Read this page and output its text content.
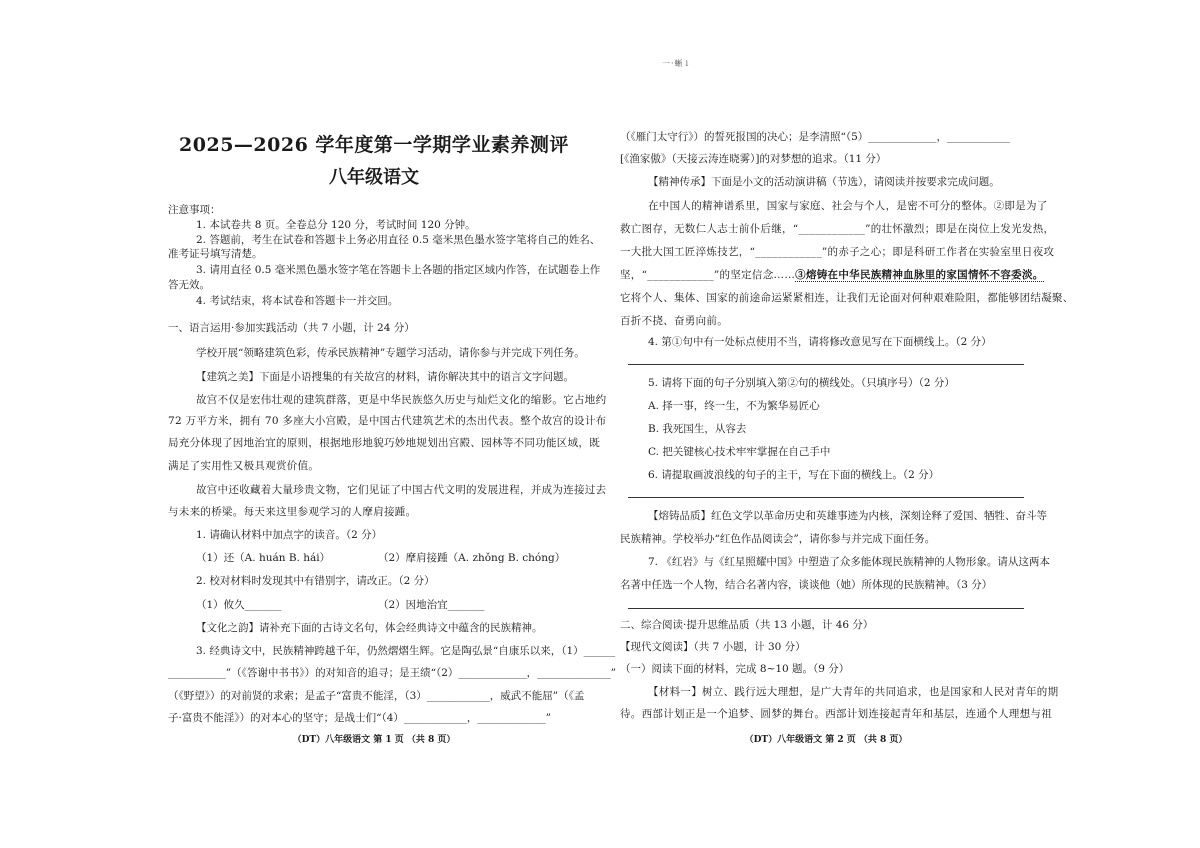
一·蜥↓
2025—2026 学年度第一学期学业素养测评
八年级语文
注意事项：
1. 本试卷共 8 页。全卷总分 120 分，考试时间 120 分钟。
2. 答题前，考生在试卷和答题卡上务必用直径 0.5 毫米黑色墨水签字笔将自己的姓名、
准考证号填写清楚。
3. 请用直径 0.5 毫米黑色墨水签字笔在答题卡上各题的指定区域内作答，在试题卷上作
答无效。
4. 考试结束，将本试卷和答题卡一并交回。
一、语言运用·参加实践活动（共 7 小题，计 24 分）
学校开展“领略建筑色彩，传承民族精神”专题学习活动，请你参与并完成下列任务。
【建筑之美】下面是小语搜集的有关故宫的材料，请你解决其中的语言文字问题。
故宫不仅是宏伟壮观的建筑群落，更是中华民族悠久历史与灿烂文化的缩影。它占地约
72 万平方米，拥有 70 多座大小宫殿，是中国古代建筑艺术的杰出代表。整个故宫的设计布
局充分体现了因地治宜的原则，根据地形地貌巧妙地规划出宫殿、园林等不同功能区域，既
满足了实用性又极具观赏价值。
故宫中还收藏着大量珍贵文物，它们见证了中国古代文明的发展进程，并成为连接过去
与未来的桥梁。每天来这里参观学习的人摩肩接踵。
1. 请确认材料中加点字的读音。（2 分）
（1）还（A. huán B. hái）	（2）摩肩接踵（A. zhǒng B. chóng）
2. 校对材料时发现其中有错别字，请改正。（2 分）
（1）攸久_______	（2）因地治宜_______
【文化之韵】请补充下面的古诗文名句，体会经典诗文中蕴含的民族精神。
3. 经典诗文中，民族精神跨越千年，仍然熠熠生辉。它是陶弘景“自康乐以来，（1）______
___________”（《答谢中书书》）的对知音的追寻；是王绩“（2）_____________，______________”
（《野望》）的对前贤的求索；是孟子“富贵不能淫，（3）____________，威武不能屈”（《孟
子·富贵不能淫》）的对本心的坚守；是战士们“（4）____________，_____________”
（DT）八年级语文 第 1 页 （共 8 页）
（《雁门太守行》）的誓死报国的决心；是李清照“（5）_____________，____________
[《渔家傲》（天接云涛连晓雾）]的对梦想的追求。（11 分）
【精神传承】下面是小文的活动演讲稿（节选），请阅读并按要求完成问题。
在中国人的精神谱系里，国家与家庭、社会与个人，是密不可分的整体。②即是为了
救亡图存，无数仁人志士前仆后继，“____________”的壮怀激烈；即是在岗位上发光发热，
一大批大国工匠淬炼技艺，“____________”的赤子之心；即是科研工作者在实验室里日夜攻
坚，“____________”的坚定信念……③熔铸在中华民族精神血脉里的家国情怀不容委淡。
它将个人、集体、国家的前途命运紧紧相连，让我们无论面对何种艰难险阻，都能够团结凝聚、
百折不挠、奋勇向前。
4. 第①句中有一处标点使用不当，请将修改意见写在下面横线上。（2 分）
5. 请将下面的句子分别填入第②句的横线处。（只填序号）（2 分）
A. 择一事，终一生，不为繁华易匠心
B. 我死国生，从容去
C. 把关键核心技术牢牢掌握在自己手中
6. 请提取画波浪线的句子的主干，写在下面的横线上。（2 分）
【熔铸品质】红色文学以革命历史和英雄事迹为内核，深刻诠释了爱国、牺牲、奋斗等
民族精神。学校举办“红色作品阅读会”，请你参与并完成下面任务。
7. 《红岩》与《红星照耀中国》中塑造了众多能体现民族精神的人物形象。请从这两本
名著中任选一个人物，结合名著内容，谈谈他（她）所体现的民族精神。（3 分）
二、综合阅读·提升思维品质（共 13 小题，计 46 分）
【现代文阅读】（共 7 小题，计 30 分）
（一）阅读下面的材料，完成 8~10 题。（9 分）
【材料一】树立、践行远大理想，是广大青年的共同追求，也是国家和人民对青年的期
待。西部计划正是一个追梦、圆梦的舞台。西部计划连接起青年和基层，连通个人理想与祖
（DT）八年级语文 第 2 页 （共 8 页）
